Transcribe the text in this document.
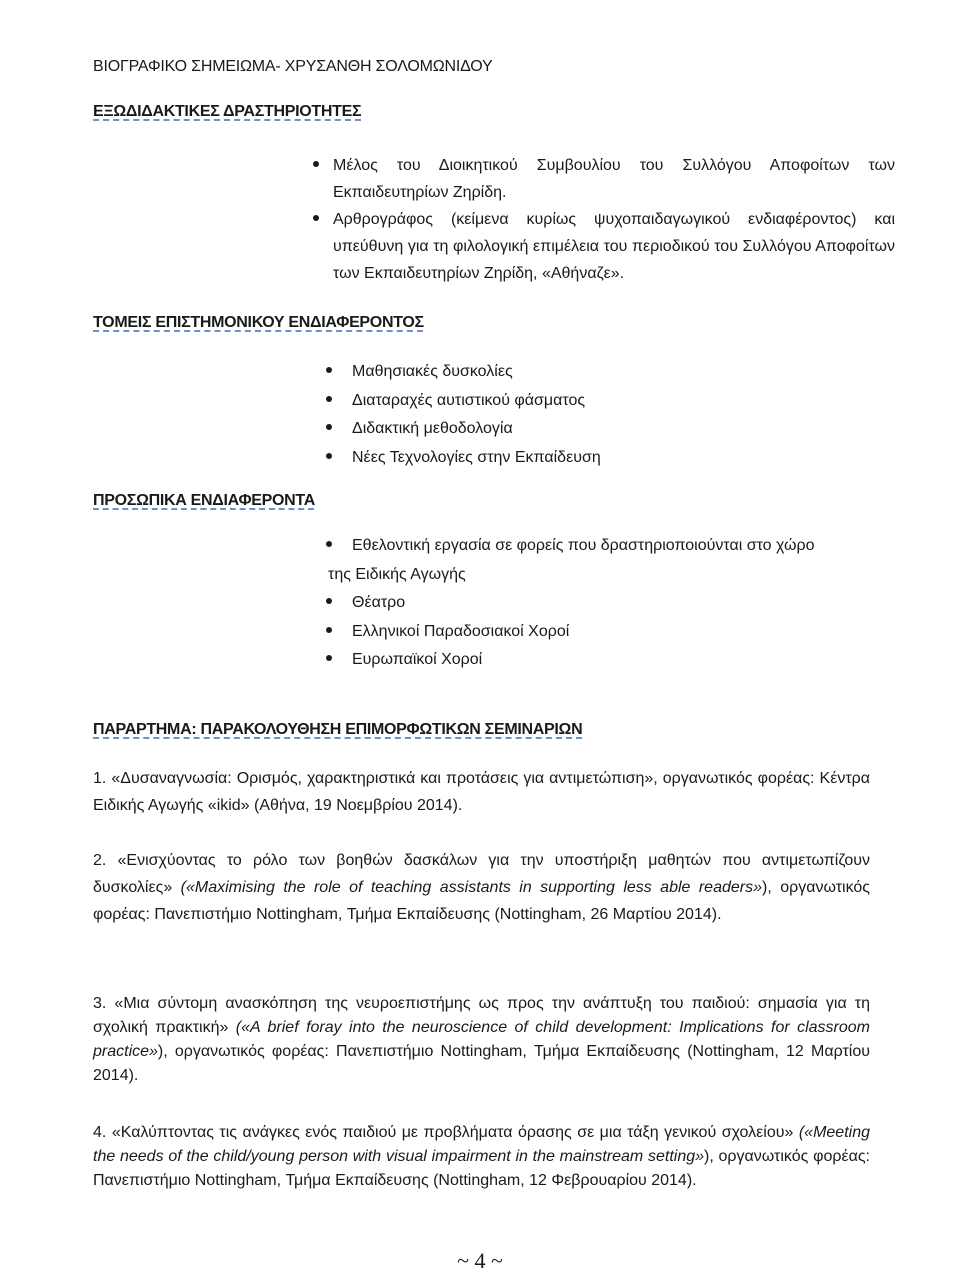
ΒΙΟΓΡΑΦΙΚΟ ΣΗΜΕΙΩΜΑ- ΧΡΥΣΑΝΘΗ ΣΟΛΟΜΩΝΙΔΟΥ
ΕΞΩΔΙΔΑΚΤΙΚΕΣ ΔΡΑΣΤΗΡΙΟΤΗΤΕΣ
Μέλος του Διοικητικού Συμβουλίου του Συλλόγου Αποφοίτων των Εκπαιδευτηρίων Ζηρίδη.
Αρθρογράφος (κείμενα κυρίως ψυχοπαιδαγωγικού ενδιαφέροντος) και υπεύθυνη για τη φιλολογική επιμέλεια του περιοδικού του Συλλόγου Αποφοίτων των Εκπαιδευτηρίων Ζηρίδη, «Αθήναζε».
ΤΟΜΕΙΣ ΕΠΙΣΤΗΜΟΝΙΚΟΥ ΕΝΔΙΑΦΕΡΟΝΤΟΣ
Μαθησιακές δυσκολίες
Διαταραχές αυτιστικού φάσματος
Διδακτική μεθοδολογία
Νέες Τεχνολογίες στην Εκπαίδευση
ΠΡΟΣΩΠΙΚΑ ΕΝΔΙΑΦΕΡΟΝΤΑ
Εθελοντική εργασία σε φορείς που δραστηριοποιούνται στο χώρο
της Ειδικής Αγωγής
Θέατρο
Ελληνικοί Παραδοσιακοί Χοροί
Ευρωπαϊκοί Χοροί
ΠΑΡΑΡΤΗΜΑ: ΠΑΡΑΚΟΛΟΥΘΗΣΗ ΕΠΙΜΟΡΦΩΤΙΚΩΝ ΣΕΜΙΝΑΡΙΩΝ
1. «Δυσαναγνωσία: Ορισμός, χαρακτηριστικά και προτάσεις για αντιμετώπιση», οργανωτικός φορέας: Κέντρα Ειδικής Αγωγής «ikid» (Αθήνα, 19 Νοεμβρίου 2014).
2. «Ενισχύοντας το ρόλο των βοηθών δασκάλων για την υποστήριξη μαθητών που αντιμετωπίζουν δυσκολίες» («Maximising the role of teaching assistants in supporting less able readers»), οργανωτικός φορέας: Πανεπιστήμιο Nottingham, Τμήμα Εκπαίδευσης (Nottingham, 26 Μαρτίου 2014).
3. «Μια σύντομη ανασκόπηση της νευροεπιστήμης ως προς την ανάπτυξη του παιδιού: σημασία για τη σχολική πρακτική» («A brief foray into the neuroscience of child development: Implications for classroom practice»), οργανωτικός φορέας: Πανεπιστήμιο Nottingham, Τμήμα Εκπαίδευσης (Nottingham, 12 Μαρτίου 2014).
4. «Καλύπτοντας τις ανάγκες ενός παιδιού με προβλήματα όρασης σε μια τάξη γενικού σχολείου» («Meeting the needs of the child/young person with visual impairment in the mainstream setting»), οργανωτικός φορέας: Πανεπιστήμιο Nottingham, Τμήμα Εκπαίδευσης (Nottingham, 12 Φεβρουαρίου 2014).
~ 4 ~
